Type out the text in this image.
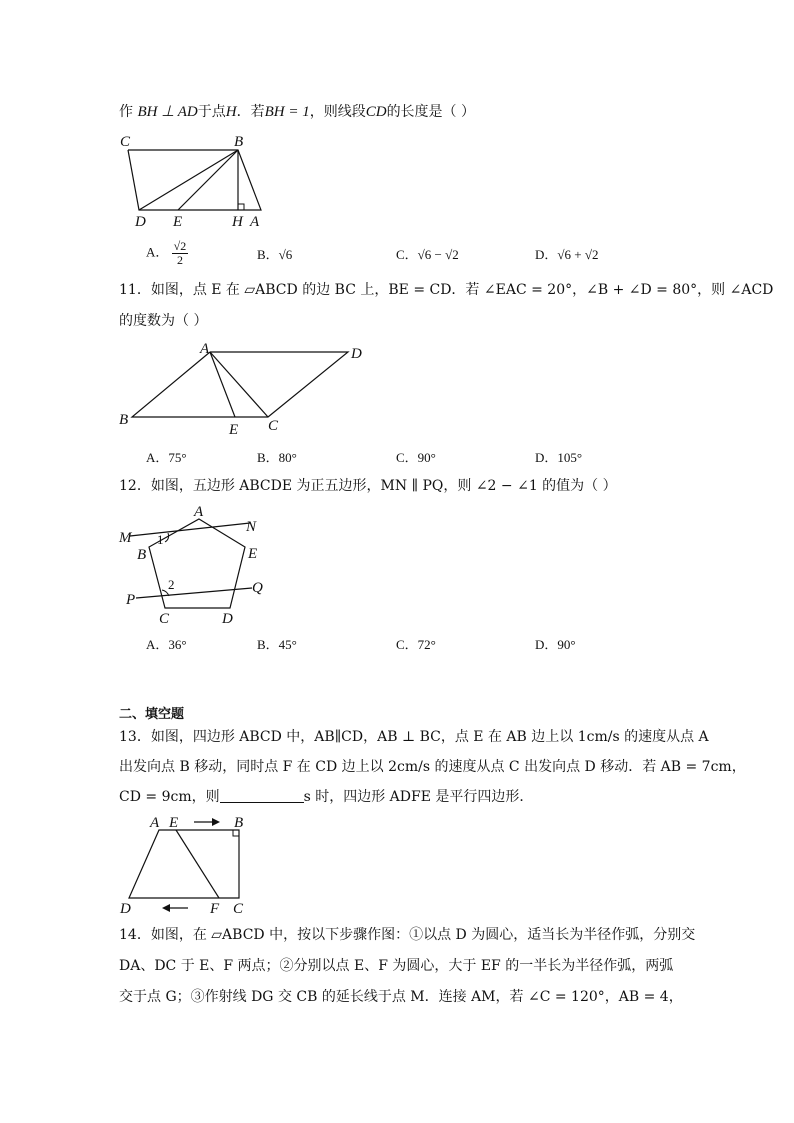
作 BH ⊥ AD于点H．若BH = 1，则线段CD的长度是（ ）
C	B
D E	H A
A． $\frac{√2}{2}$	B．√6	C．√6 − √2	D．√6 + √2
11．如图，点 E 在 ▱ABCD 的边 BC 上，BE = CD．若 ∠EAC = 20°，∠B + ∠D = 80°，则 ∠ACD
的度数为（ ）
A	D
B
E C
A．75°	B．80°	C．90°	D．105°
12．如图，五边形 ABCDE 为正五边形，MN ∥ PQ，则 ∠2 − ∠1 的值为（ ）
A
M
N
B	E
1
2
P
Q
C	D
A．36°	B．45°	C．72°	D．90°
二、填空题
13．如图，四边形 ABCD 中，AB∥CD，AB ⊥ BC，点 E 在 AB 边上以 1cm/s 的速度从点 A
出发向点 B 移动，同时点 F 在 CD 边上以 2cm/s 的速度从点 C 出发向点 D 移动．若 AB = 7cm，
CD = 9cm，则	s 时，四边形 ADFE 是平行四边形．
A E	B
D	F C
14．如图，在 ▱ABCD 中，按以下步骤作图：①以点 D 为圆心，适当长为半径作弧，分别交
DA、DC 于 E、F 两点；②分别以点 E、F 为圆心，大于 EF 的一半长为半径作弧，两弧
交于点 G；③作射线 DG 交 CB 的延长线于点 M．连接 AM，若 ∠C = 120°，AB = 4，
